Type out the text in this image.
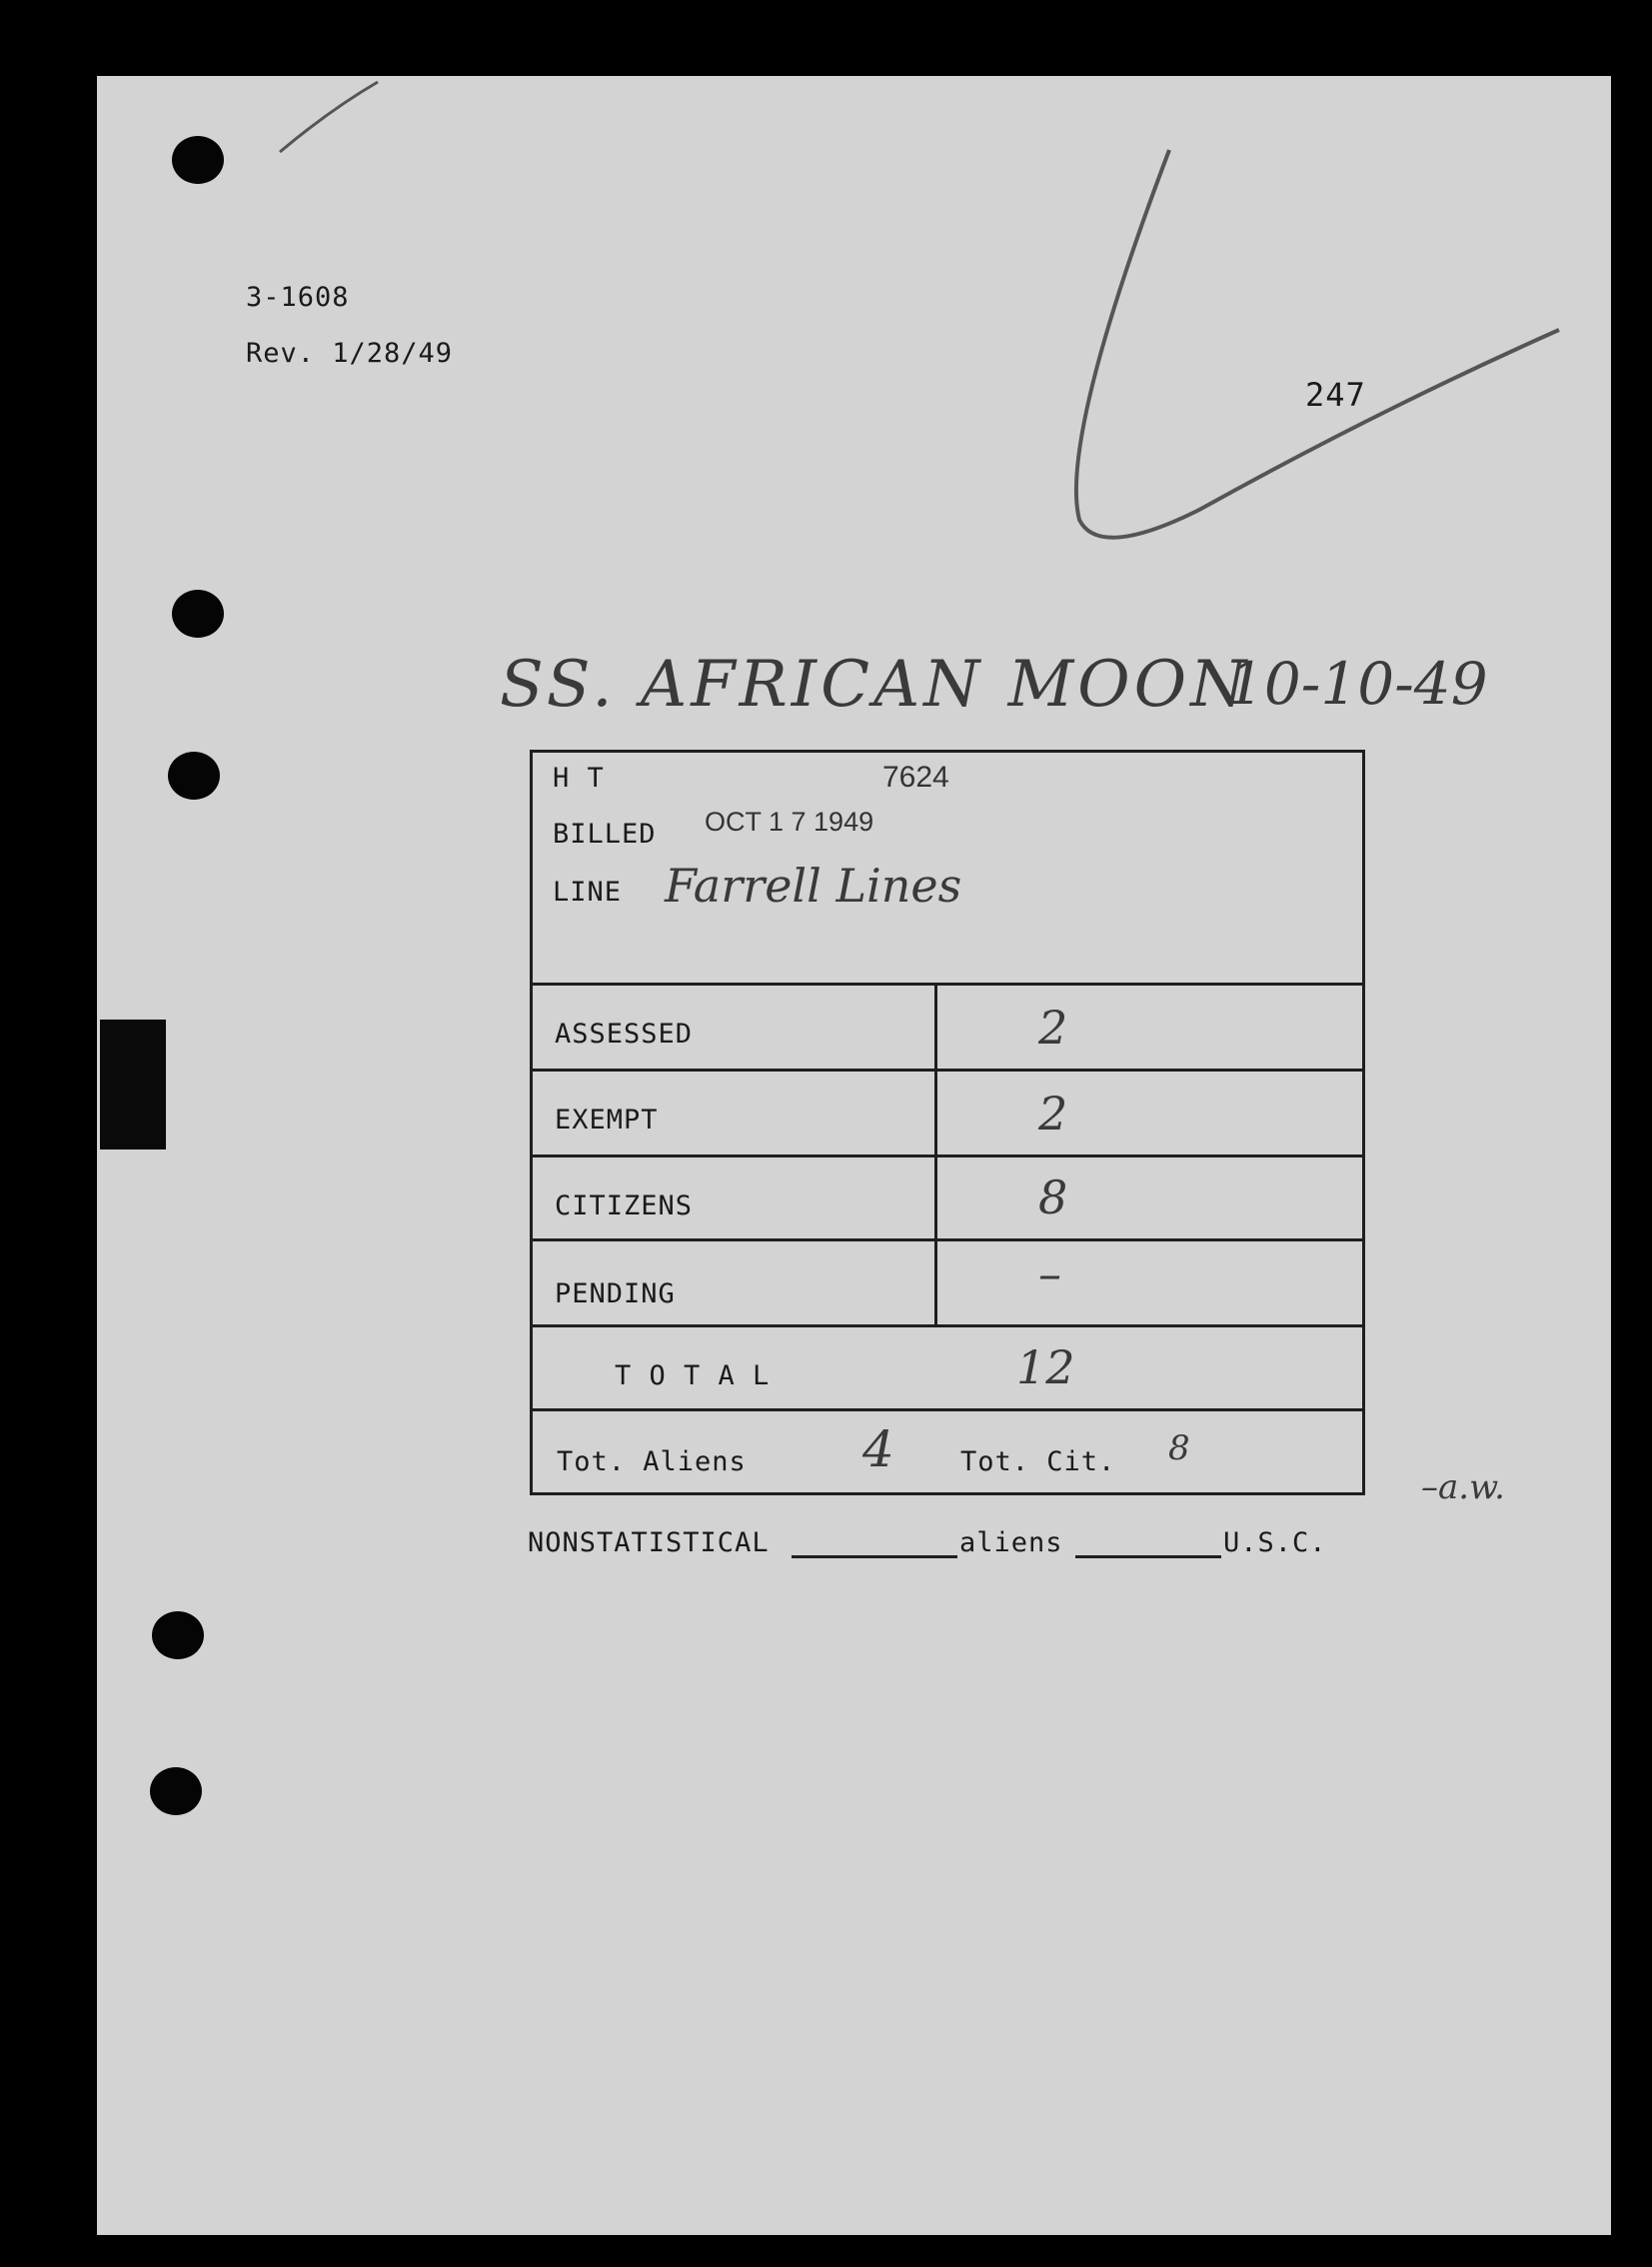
3-1608
Rev. 1/28/49
247
SS. AFRICAN MOON
10-10-49
H T	7624
BILLED OCT 1 7 1949
LINE Farrell Lines
ASSESSED	2
EXEMPT	2
CITIZENS	8
PENDING	–
T O T A L	12
Tot. Aliens 4 Tot. Cit. 8
–a.w.
NONSTATISTICAL	aliens	U.S.C.
